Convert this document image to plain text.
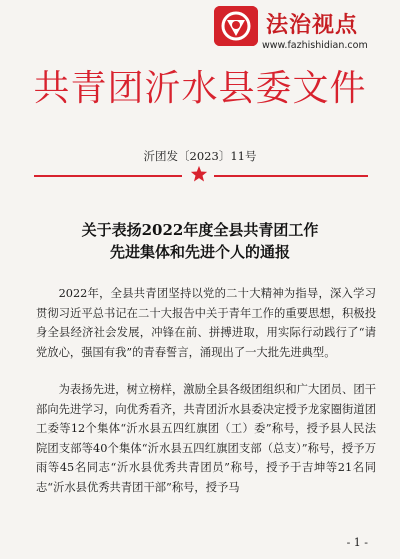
法治视点
www.fazhishidian.com
共青团沂水县委文件
沂团发〔2023〕11号
关于表扬2022年度全县共青团工作
先进集体和先进个人的通报
2022年，全县共青团坚持以党的二十大精神为指导，深入学习贯彻习近平总书记在二十大报告中关于青年工作的重要思想，积极投身全县经济社会发展，冲锋在前、拼搏进取，用实际行动践行了“请党放心，强国有我”的青春誓言，涌现出了一大批先进典型。
为表扬先进，树立榜样，激励全县各级团组织和广大团员、团干部向先进学习，向优秀看齐，共青团沂水县委决定授予龙家圈街道团工委等12个集体“沂水县五四红旗团（工）委”称号，授予县人民法院团支部等40个集体“沂水县五四红旗团支部（总支）”称号，授予万雨等45名同志“沂水县优秀共青团员”称号，授予于吉坤等21名同志“沂水县优秀共青团干部”称号，授予马
- 1 -
